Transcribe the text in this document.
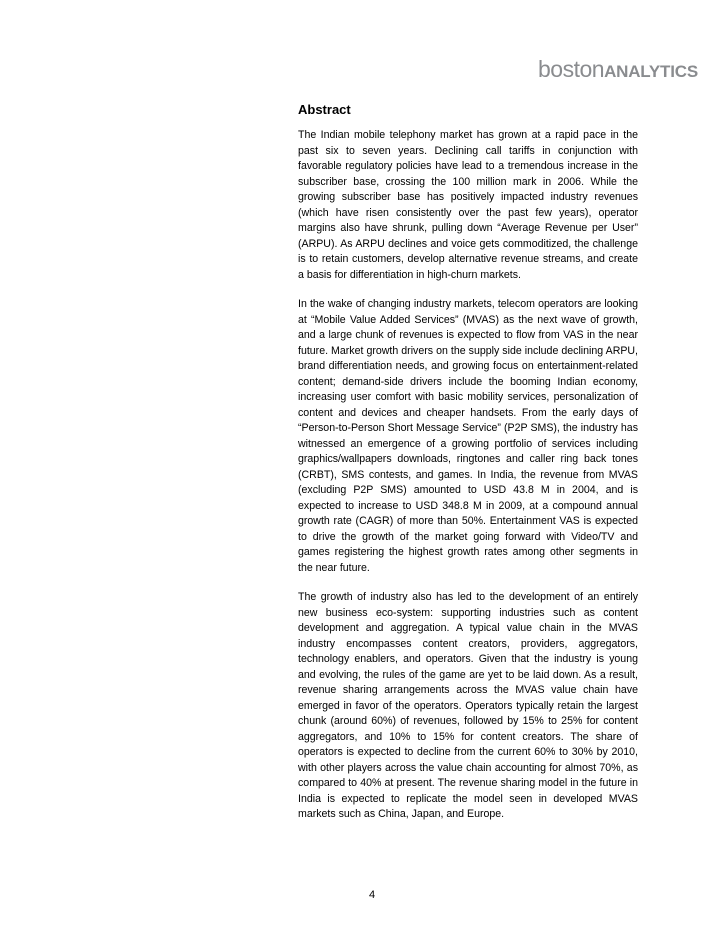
bostonANALYTICS
Abstract

The Indian mobile telephony market has grown at a rapid pace in the past six to seven years. Declining call tariffs in conjunction with favorable regulatory policies have lead to a tremendous increase in the subscriber base, crossing the 100 million mark in 2006. While the growing subscriber base has positively impacted industry revenues (which have risen consistently over the past few years), operator margins also have shrunk, pulling down “Average Revenue per User” (ARPU). As ARPU declines and voice gets commoditized, the challenge is to retain customers, develop alternative revenue streams, and create a basis for differentiation in high-churn markets.

In the wake of changing industry markets, telecom operators are looking at “Mobile Value Added Services” (MVAS) as the next wave of growth, and a large chunk of revenues is expected to flow from VAS in the near future. Market growth drivers on the supply side include declining ARPU, brand differentiation needs, and growing focus on entertainment-related content; demand-side drivers include the booming Indian economy, increasing user comfort with basic mobility services, personalization of content and devices and cheaper handsets. From the early days of “Person-to-Person Short Message Service” (P2P SMS), the industry has witnessed an emergence of a growing portfolio of services including graphics/wallpapers downloads, ringtones and caller ring back tones (CRBT), SMS contests, and games. In India, the revenue from MVAS (excluding P2P SMS) amounted to USD 43.8 M in 2004, and is expected to increase to USD 348.8 M in 2009, at a compound annual growth rate (CAGR) of more than 50%. Entertainment VAS is expected to drive the growth of the market going forward with Video/TV and games registering the highest growth rates among other segments in the near future.

The growth of industry also has led to the development of an entirely new business eco-system: supporting industries such as content development and aggregation. A typical value chain in the MVAS industry encompasses content creators, providers, aggregators, technology enablers, and operators. Given that the industry is young and evolving, the rules of the game are yet to be laid down. As a result, revenue sharing arrangements across the MVAS value chain have emerged in favor of the operators. Operators typically retain the largest chunk (around 60%) of revenues, followed by 15% to 25% for content aggregators, and 10% to 15% for content creators. The share of operators is expected to decline from the current 60% to 30% by 2010, with other players across the value chain accounting for almost 70%, as compared to 40% at present. The revenue sharing model in the future in India is expected to replicate the model seen in developed MVAS markets such as China, Japan, and Europe.

4
